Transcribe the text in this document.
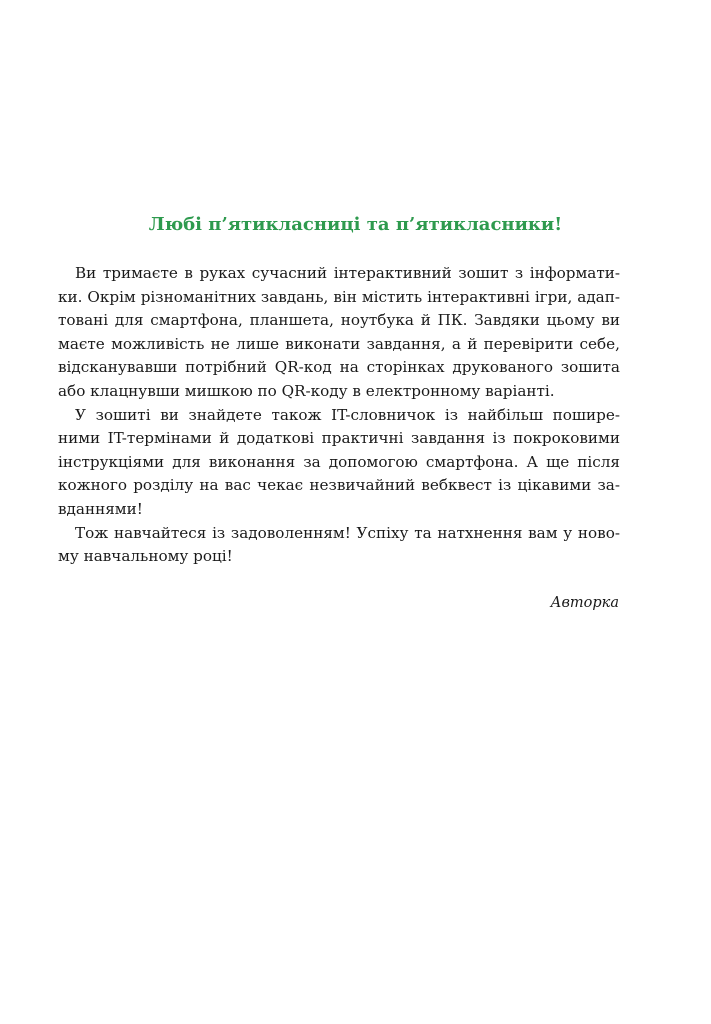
Любі п’ятикласниці та п’ятикласники!
Ви тримаєте в руках сучасний інтерактивний зошит з інформати-
ки. Окрім різноманітних завдань, він містить інтерактивні ігри, адап-
товані для смартфона, планшета, ноутбука й ПК. Завдяки цьому ви
маєте можливість не лише виконати завдання, а й перевірити себе,
відсканувавши потрібний QR-код на сторінках друкованого зошита
або клацнувши мишкою по QR-коду в електронному варіанті.
У зошиті ви знайдете також IT-словничок із найбільш поширe-
ними IT-термінами й додаткові практичні завдання із покроковими
інструкціями для виконання за допомогою смартфона. А ще після
кожного розділу на вас чекає незвичайний вебквест із цікавими за-
вданнями!
Тож навчайтеся із задоволенням! Успіху та натхнення вам у ново-
му навчальному році!
Авторка
